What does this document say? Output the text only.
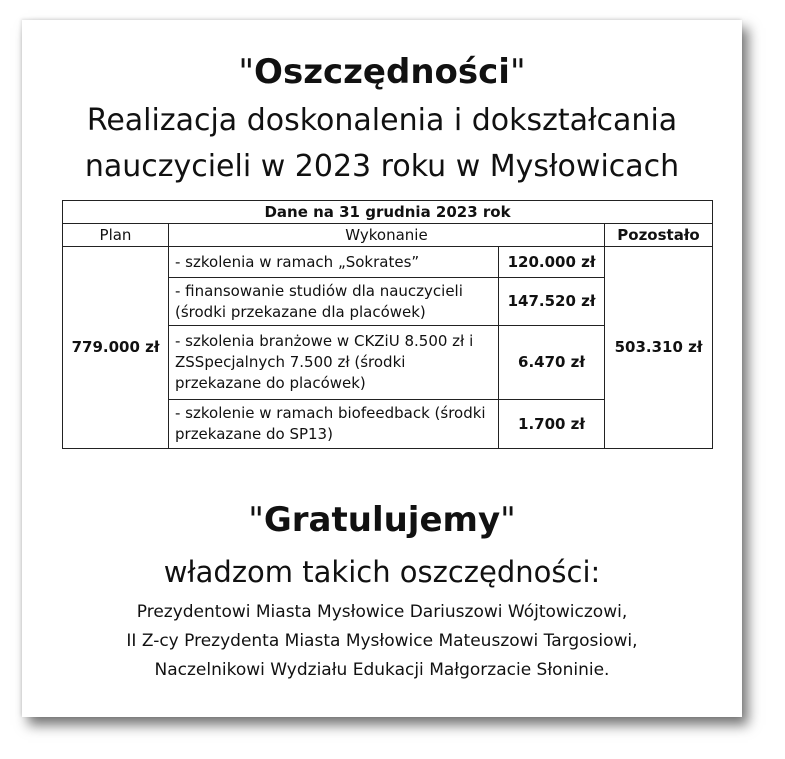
"Oszczędności"
Realizacja doskonalenia i dokształcania
nauczycieli w 2023 roku w Mysłowicach
Dane na 31 grudnia 2023 rok			
Plan	Wykonanie		Pozostało
779.000 zł	- szkolenia w ramach „Sokrates”	120.000 zł	503.310 zł
	- finansowanie studiów dla nauczycieli (środki przekazane dla placówek)	147.520 zł	
	- szkolenia branżowe w CKZiU 8.500 zł i ZSSpecjalnych 7.500 zł (środki przekazane do placówek)	6.470 zł	
	- szkolenie w ramach biofeedback (środki przekazane do SP13)	1.700 zł	
"Gratulujemy"
władzom takich oszczędności:
Prezydentowi Miasta Mysłowice Dariuszowi Wójtowiczowi,
II Z-cy Prezydenta Miasta Mysłowice Mateuszowi Targosiowi,
Naczelnikowi Wydziału Edukacji Małgorzacie Słoninie.
